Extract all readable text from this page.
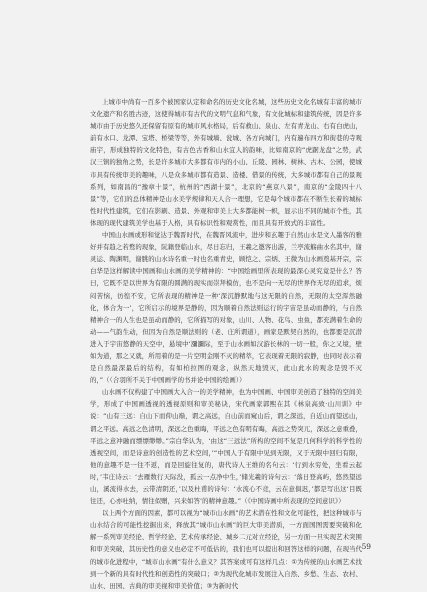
上城市中尚有一百多个被国家认定和命名的历史文化名城，这些历史文化名城有丰富的城市文化遗产和名胜古迹，这使得城市有古代的文明气息和气象，有文化城标和建筑传统，因是许多城市由于历史悠久还保留有原有的城市风水格局，后有救山、泉山、左有青龙山、右有白虎山，前有水口、龙潭、宝塔、桥梁等等，外有城墙、瓮城、各方向城门，内有遍布四方和街巷的寺观庙宇，形成独特的文化特色，有古色古香和山水宜人的韵味，比如南京的“虎踞龙盘”之势，武汉三镇的独角之势，长是许多城市大多都有市内的小山、丘陵、园林、树林、古木、公园，使城市具有传统审美的趣味，八是众多城市都有造景、造楼、借景的传统，大多城市都有自己的景观系列，如南昌的“豫章十景”，杭州的“西湖十景”，北京的“燕京八景”，南京的“金陵四十八景”等，它们的总体精神是山水美学规律和天人合一理想，它是每个城市都在不断生长着的城标性时代性建筑，它们在影刷、造景、外观和审美上大多都能树一帜，显示出不同的城市个性，其体现的现代建筑美学也基于人格，具有标识性和观赏性，而且具有开放式的丰富性。

中国山水画或形和觉达于魏晋时代，在魏晋风流中，进步和玄趣于自然山水是文人墨客的雅好并有趋之若鹜的现象，阮籍登临山水，尽日忘归，王羲之邀客出游，兰亭流觞曲水名其中，谢灵运、陶渊明，谢朓的山水诗名重一时也名重青史，顾恺之、宗炳、王微为山水画奠基开宗，宗白华是这样解读中国画和山水画的美学精神的：“中国绘画里所表现的最深心灵究竟是什么？答曰，它既不是以世界为有限的圆满的现实而崇拜模仿，也不是向一无尽的世界作无尽的追求，烦闷苦恼，彷徨不安，它所表现的精神是一种‘深沉静默地与这无限的自然，无限的太空浑然融化，体合为一’，它所启示的境界是静的，因为顺着自然法则运行的宇宙是虽动而静的，与自然精神合一的人生也是虽动而静的，它所描写的对象，山川、人物、花鸟、虫鱼，都充满着生命的动——气韵生动，但因为自然是顺法则的（老、庄所谓道），画家是默契自然的，也都要是沉潜进入于宇宙悠静的天空中，悬境中‘瀰瀰际，至于山水画如汉游长林的一切一般，你之又境，壁如为道，那之又就，所用着的是一片空明金刚不灭的精萃，它表现着无限的寂静，也同时表示着是自然最深最后的结构，有如柏拉图的观念，纵然天地毁灭，此山此水的观念是毁不灭的，”（（合羽所不关于中国画学的书并论中国的绘画））

山水画不仅构建了中国画大入合一的美学精神，也为中国画、中国审美创造了独特的空间美学，形成了中国画透视的透视原则和审美秘诀，宋代画家郭熙在其《林泉高致·山川训》中说：“山有三远：自山下而仰山巅，谓之高远，自山前而窥山后，谓之深远，自近山而望远山，谓之平远。高远之色清明，深远之色重晦，平远之色有明有晦，高远之势突兀，深远之意重叠，平远之意冲融而缥缥缈缈。”宗白华认为，‘由这“三远法”所构的空间不复是几何科学的科学性的透视空间，而是诗意的创造性的艺术空间，’“中国人于有限中见到无限，又于无限中回归有限，他的意趣不是一往不返，而是回旋往复的，唐代诗人王维的名句云：‘行到水穷处，坐看云起时，’韦庄诗云：‘去雁数行天际没，孤云一点净中生，’储光羲的诗句云：‘落日登高屿，悠然望远山，溪流得水去，云带清阴还，’以及杜甫的诗句：‘水流心不竞，云在意俱迟，’都是写出这‘目既往还，心亦吐纳，情往似赠，兴来如答’的精神意趣。”（《中国诗画中所表现的空间意识》）

以上两个方面的因素，都可以视为“城市山水画”的艺术潜在性和文化可能性，把这种城市与山水结合的可能性挖掘出来，释放其“城市山水画”的巨大审美潜质，一方面国图需要突破和化解一系列审美经论、哲学经论、艺术传承经论、城乡二元对立经论，另一方面一旦实现艺术突围和审美突破，其历史性的意义也必定不可低估的，我们也可以提出和回答这样的问题，在现当代的城市化进程中，“城市山水画”有什么意义？其答案或可有这样几点：①为传统的山水画艺术找到一个新的具有时代性和创造性的突破口；②为现代化城市发展注入自然、乡愁、生态、农村、山水、田园、古典的审美视和审美价值；③为新时代

59
